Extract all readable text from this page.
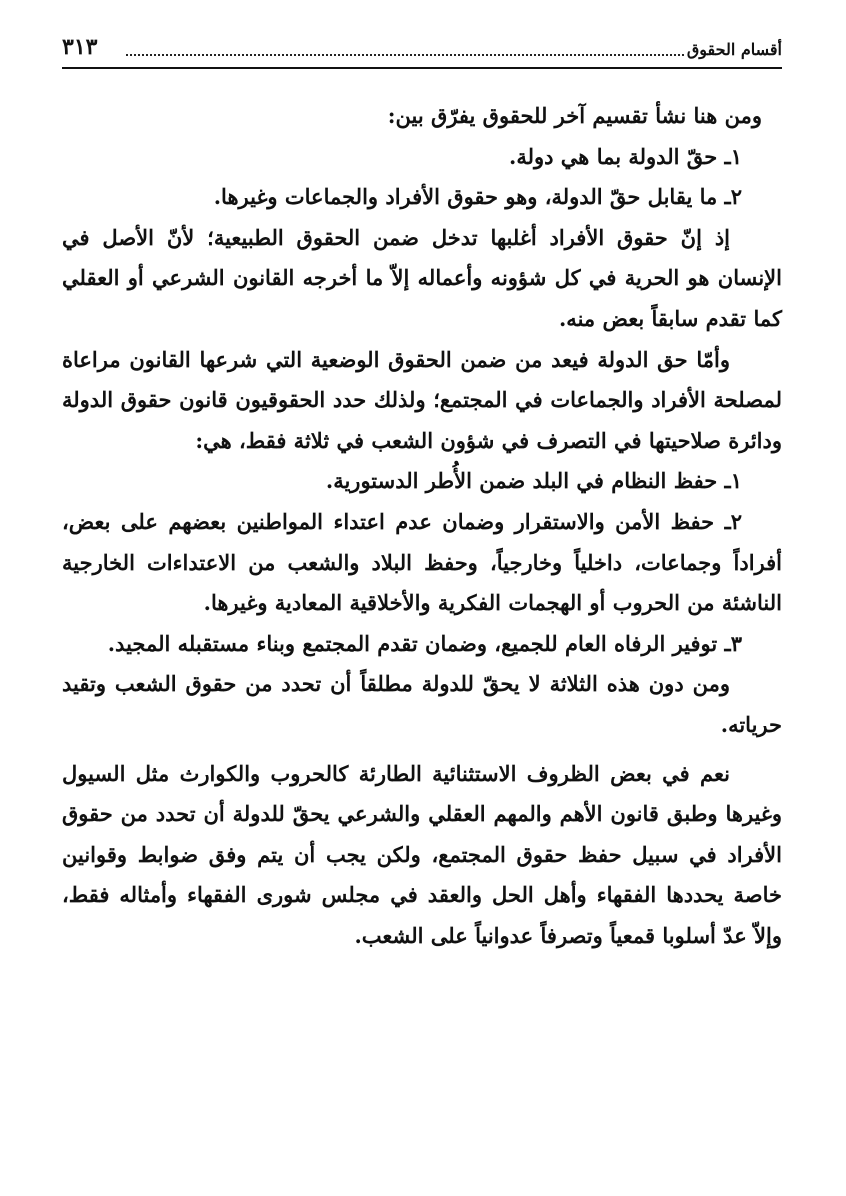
أقسام الحقوق
٣١٣

ومن هنا نشأ تقسيم آخر للحقوق يفرّق بين:

١ـ حقّ الدولة بما هي دولة.

٢ـ ما يقابل حقّ الدولة، وهو حقوق الأفراد والجماعات وغيرها.

إذ إنّ حقوق الأفراد أغلبها تدخل ضمن الحقوق الطبيعية؛ لأنّ الأصل في الإنسان هو الحرية في كل شؤونه وأعماله إلاّ ما أخرجه القانون الشرعي أو العقلي كما تقدم سابقاً بعض منه.

وأمّا حق الدولة فيعد من ضمن الحقوق الوضعية التي شرعها القانون مراعاة لمصلحة الأفراد والجماعات في المجتمع؛ ولذلك حدد الحقوقيون قانون حقوق الدولة ودائرة صلاحيتها في التصرف في شؤون الشعب في ثلاثة فقط، هي:

١ـ حفظ النظام في البلد ضمن الأُطر الدستورية.

٢ـ حفظ الأمن والاستقرار وضمان عدم اعتداء المواطنين بعضهم على بعض، أفراداً وجماعات، داخلياً وخارجياً، وحفظ البلاد والشعب من الاعتداءات الخارجية الناشئة من الحروب أو الهجمات الفكرية والأخلاقية المعادية وغيرها.

٣ـ توفير الرفاه العام للجميع، وضمان تقدم المجتمع وبناء مستقبله المجيد.

ومن دون هذه الثلاثة لا يحقّ للدولة مطلقاً أن تحدد من حقوق الشعب وتقيد حرياته.

نعم في بعض الظروف الاستثنائية الطارئة كالحروب والكوارث مثل السيول وغيرها وطبق قانون الأهم والمهم العقلي والشرعي يحقّ للدولة أن تحدد من حقوق الأفراد في سبيل حفظ حقوق المجتمع، ولكن يجب أن يتم وفق ضوابط وقوانين خاصة يحددها الفقهاء وأهل الحل والعقد في مجلس شورى الفقهاء وأمثاله فقط، وإلاّ عدّ أسلوبا قمعياً وتصرفاً عدوانياً على الشعب.
